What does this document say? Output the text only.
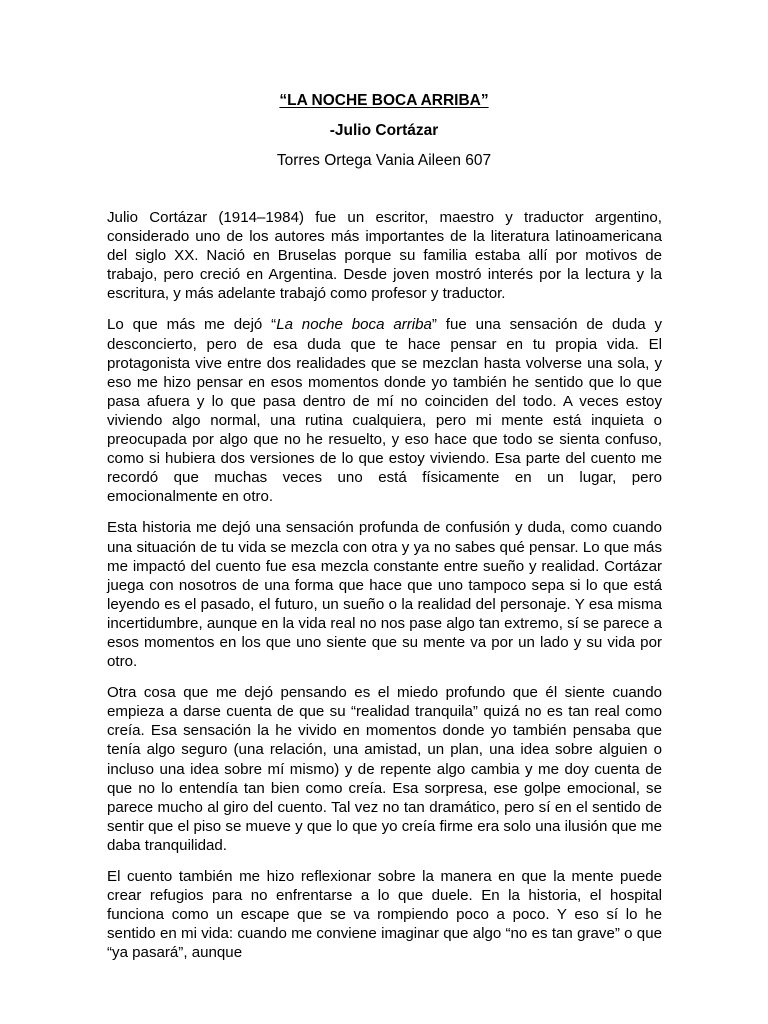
“LA NOCHE BOCA ARRIBA”
-Julio Cortázar
Torres Ortega Vania Aileen 607

Julio Cortázar (1914–1984) fue un escritor, maestro y traductor argentino, considerado uno de los autores más importantes de la literatura latinoamericana del siglo XX. Nació en Bruselas porque su familia estaba allí por motivos de trabajo, pero creció en Argentina. Desde joven mostró interés por la lectura y la escritura, y más adelante trabajó como profesor y traductor.

Lo que más me dejó “La noche boca arriba” fue una sensación de duda y desconcierto, pero de esa duda que te hace pensar en tu propia vida. El protagonista vive entre dos realidades que se mezclan hasta volverse una sola, y eso me hizo pensar en esos momentos donde yo también he sentido que lo que pasa afuera y lo que pasa dentro de mí no coinciden del todo. A veces estoy viviendo algo normal, una rutina cualquiera, pero mi mente está inquieta o preocupada por algo que no he resuelto, y eso hace que todo se sienta confuso, como si hubiera dos versiones de lo que estoy viviendo. Esa parte del cuento me recordó que muchas veces uno está físicamente en un lugar, pero emocionalmente en otro.

Esta historia me dejó una sensación profunda de confusión y duda, como cuando una situación de tu vida se mezcla con otra y ya no sabes qué pensar. Lo que más me impactó del cuento fue esa mezcla constante entre sueño y realidad. Cortázar juega con nosotros de una forma que hace que uno tampoco sepa si lo que está leyendo es el pasado, el futuro, un sueño o la realidad del personaje. Y esa misma incertidumbre, aunque en la vida real no nos pase algo tan extremo, sí se parece a esos momentos en los que uno siente que su mente va por un lado y su vida por otro.

Otra cosa que me dejó pensando es el miedo profundo que él siente cuando empieza a darse cuenta de que su “realidad tranquila” quizá no es tan real como creía. Esa sensación la he vivido en momentos donde yo también pensaba que tenía algo seguro (una relación, una amistad, un plan, una idea sobre alguien o incluso una idea sobre mí mismo) y de repente algo cambia y me doy cuenta de que no lo entendía tan bien como creía. Esa sorpresa, ese golpe emocional, se parece mucho al giro del cuento. Tal vez no tan dramático, pero sí en el sentido de sentir que el piso se mueve y que lo que yo creía firme era solo una ilusión que me daba tranquilidad.

El cuento también me hizo reflexionar sobre la manera en que la mente puede crear refugios para no enfrentarse a lo que duele. En la historia, el hospital funciona como un escape que se va rompiendo poco a poco. Y eso sí lo he sentido en mi vida: cuando me conviene imaginar que algo “no es tan grave” o que “ya pasará”, aunque
